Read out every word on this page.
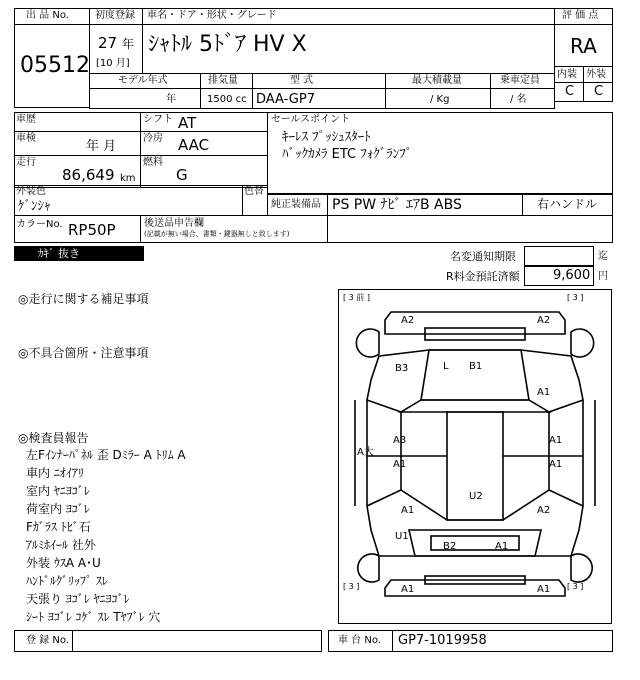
出 品 No.
05512
初度登録 車名・ドア・形状・グレード
27 年
[10 月]
ｼｬﾄﾙ 5ﾄﾞｱ HV X
評 価 点
RA
内装 外装
C C
モデル年式	排気量	型 式	最大積載量	乗車定員
年	1500 cc DAA-GP7	/ Kg	/ 名
車歴	シフト AT
車検
年 月
冷房 AAC
走行
86,649 km
燃料
G
セールスポイント
ｷｰﾚｽ ﾌﾟｯｼｭｽﾀｰﾄ
ﾊﾞｯｸｶﾒﾗ ETC ﾌｫｸﾞﾗﾝﾌﾟ
外装色
ｹﾞﾝｼｬ
色替
純正装備品 PS PW ﾅﾋﾞ ｴｱB ABS	右ハンドル
カラーNo. RP50P	後送品申告欄
(記載が無い場合、書類・鍵器無しと致します)
ｶｷﾞ 抜き	名変通知期限	迄
R料金預託済額	9,600 円
◎走行に関する補足事項
◎不具合箇所・注意事項
◎検査員報告
左Fｲﾝﾅｰﾊﾟﾈﾙ 歪 Dﾐﾗｰ A ﾄﾘﾑ A
車内 ﾆｵｲｱﾘ
室内 ﾔﾆﾖｺﾞﾚ
荷室内 ﾖｺﾞﾚ
Fｶﾞﾗｽ ﾄﾋﾞ石
ｱﾙﾐﾎｲｰﾙ 社外
外装 ｳｽA A･U
ﾊﾝﾄﾞﾙｸﾞﾘｯﾌﾟ ｽﾚ
天張り ﾖｺﾞﾚ ﾔﾆﾖｺﾞﾚ
ｼｰﾄ ﾖｺﾞﾚ ｺｹﾞ ｽﾚ Tﾔﾌﾞﾚ 穴
[ 3 前 ]	[ 3 ]
[ 3 ]	[ 3 ]
A2	A2
B3	L B1
A1
A3	A1
A大
A1	A1
U2
A1	A2
U1
B2	A1
A1	A1
登 録 No.	車 台 No. GP7-1019958
